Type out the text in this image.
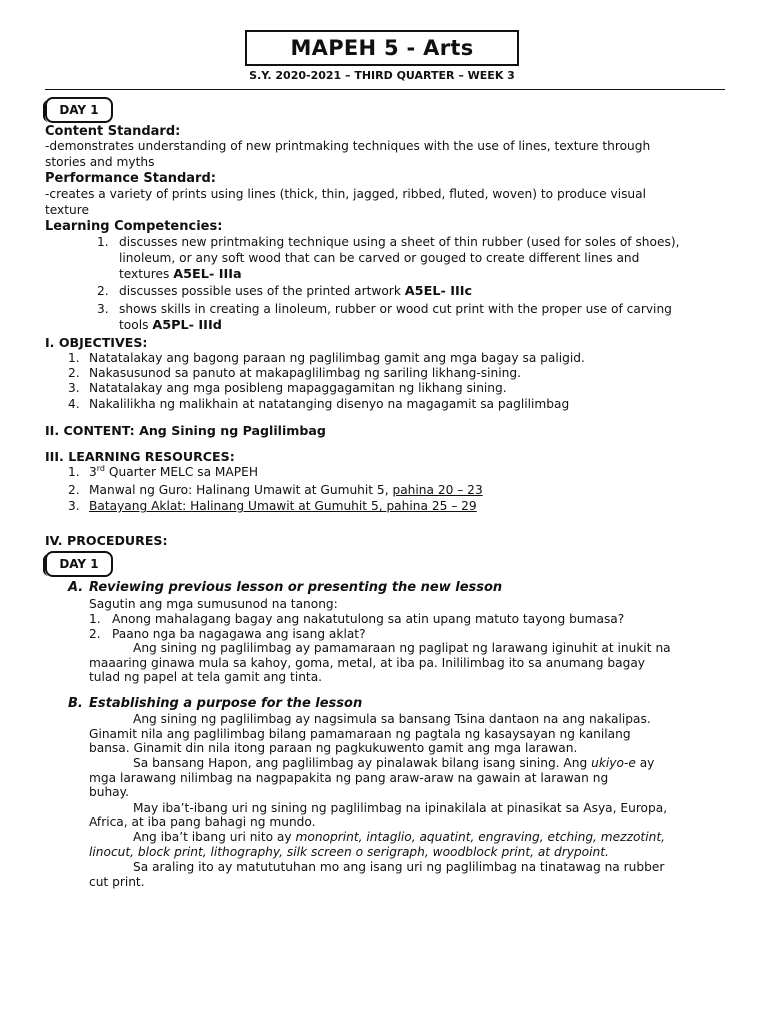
MAPEH 5 - Arts
S.Y. 2020-2021 – THIRD QUARTER – WEEK 3
DAY 1
Content Standard:
-demonstrates understanding of new printmaking techniques with the use of lines, texture through
stories and myths
Performance Standard:
-creates a variety of prints using lines (thick, thin, jagged, ribbed, fluted, woven) to produce visual
texture
Learning Competencies:
1. discusses new printmaking technique using a sheet of thin rubber (used for soles of shoes),
linoleum, or any soft wood that can be carved or gouged to create different lines and
textures A5EL- IIIa
2. discusses possible uses of the printed artwork A5EL- IIIc
3. shows skills in creating a linoleum, rubber or wood cut print with the proper use of carving
tools A5PL- IIId
I. OBJECTIVES:
1. Natatalakay ang bagong paraan ng paglilimbag gamit ang mga bagay sa paligid.
2. Nakasusunod sa panuto at makapaglilimbag ng sariling likhang-sining.
3. Natatalakay ang mga posibleng mapaggagamitan ng likhang sining.
4. Nakalilikha ng malikhain at natatanging disenyo na magagamit sa paglilimbag
II. CONTENT: Ang Sining ng Paglilimbag
III. LEARNING RESOURCES:
1. 3rd Quarter MELC sa MAPEH
2. Manwal ng Guro: Halinang Umawit at Gumuhit 5, pahina 20 – 23
3. Batayang Aklat: Halinang Umawit at Gumuhit 5, pahina 25 – 29
IV. PROCEDURES:
DAY 1
A. Reviewing previous lesson or presenting the new lesson
Sagutin ang mga sumusunod na tanong:
1. Anong mahalagang bagay ang nakatutulong sa atin upang matuto tayong bumasa?
2. Paano nga ba nagagawa ang isang aklat?
Ang sining ng paglilimbag ay pamamaraan ng paglipat ng larawang iginuhit at inukit na
maaaring ginawa mula sa kahoy, goma, metal, at iba pa. Inililimbag ito sa anumang bagay
tulad ng papel at tela gamit ang tinta.
B. Establishing a purpose for the lesson
Ang sining ng paglilimbag ay nagsimula sa bansang Tsina dantaon na ang nakalipas.
Ginamit nila ang paglilimbag bilang pamamaraan ng pagtala ng kasaysayan ng kanilang
bansa. Ginamit din nila itong paraan ng pagkukuwento gamit ang mga larawan.
Sa bansang Hapon, ang paglilimbag ay pinalawak bilang isang sining. Ang ukiyo-e ay
mga larawang nilimbag na nagpapakita ng pang araw-araw na gawain at larawan ng
buhay.
May iba’t-ibang uri ng sining ng paglilimbag na ipinakilala at pinasikat sa Asya, Europa,
Africa, at iba pang bahagi ng mundo.
Ang iba’t ibang uri nito ay monoprint, intaglio, aquatint, engraving, etching, mezzotint,
linocut, block print, lithography, silk screen o serigraph, woodblock print, at drypoint.
Sa araling ito ay matututuhan mo ang isang uri ng paglilimbag na tinatawag na rubber
cut print.
